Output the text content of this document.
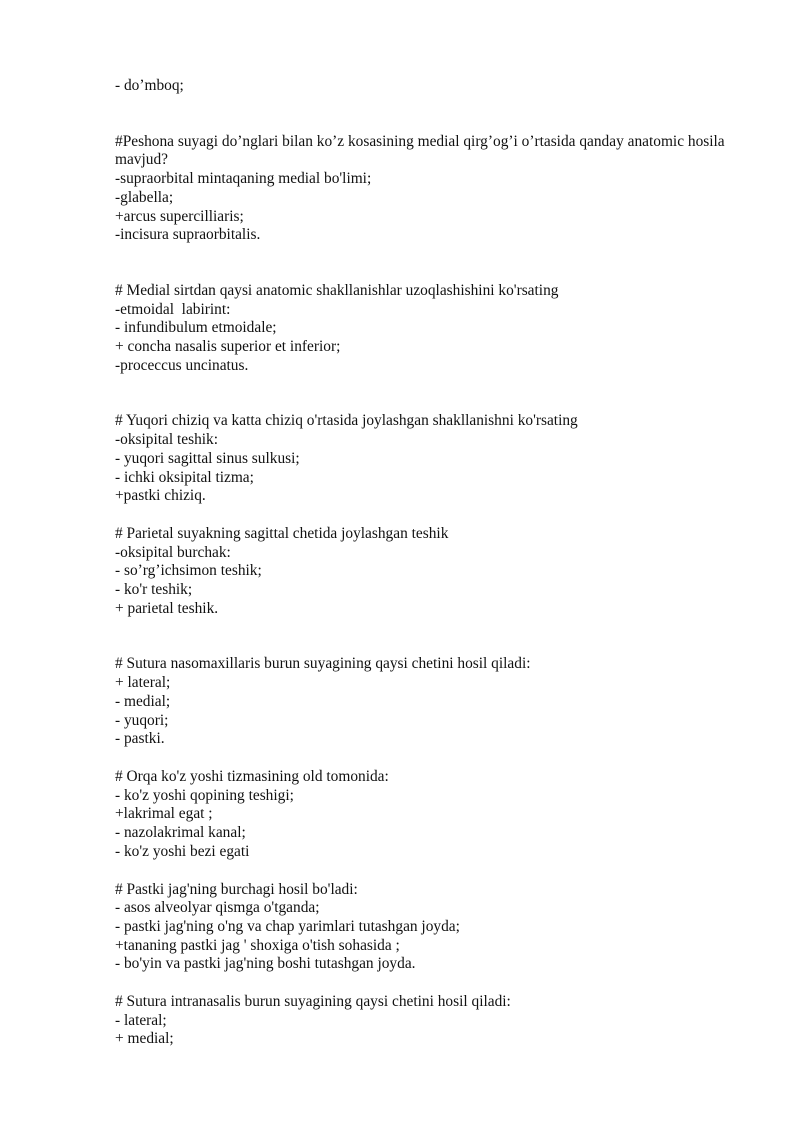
- do’mboq;

#Peshona suyagi do’nglari bilan ko’z kosasining medial qirg’og’i o’rtasida qanday anatomic hosila mavjud?

-supraorbital mintaqaning medial bo'limi;

-glabella;

+arcus supercilliaris;

-incisura supraorbitalis.

# Medial sirtdan qaysi anatomic shakllanishlar uzoqlashishini ko'rsating

-etmoidal  labirint:

- infundibulum etmoidale;

+ concha nasalis superior et inferior;

-proceccus uncinatus.

# Yuqori chiziq va katta chiziq o'rtasida joylashgan shakllanishni ko'rsating

-oksipital teshik:

- yuqori sagittal sinus sulkusi;

- ichki oksipital tizma;

+pastki chiziq.

# Parietal suyakning sagittal chetida joylashgan teshik

-oksipital burchak:

- so’rg’ichsimon teshik;

- ko'r teshik;

+ parietal teshik.

# Sutura nasomaxillaris burun suyagining qaysi chetini hosil qiladi:

+ lateral;

- medial;

- yuqori;

- pastki.

# Orqa ko'z yoshi tizmasining old tomonida:

- ko'z yoshi qopining teshigi;

+lakrimal egat ;

- nazolakrimal kanal;

- ko'z yoshi bezi egati

# Pastki jag'ning burchagi hosil bo'ladi:

- asos alveolyar qismga o'tganda;

- pastki jag'ning o'ng va chap yarimlari tutashgan joyda;

+tananing pastki jag ' shoxiga o'tish sohasida ;

- bo'yin va pastki jag'ning boshi tutashgan joyda.

# Sutura intranasalis burun suyagining qaysi chetini hosil qiladi:

- lateral;

+ medial;
